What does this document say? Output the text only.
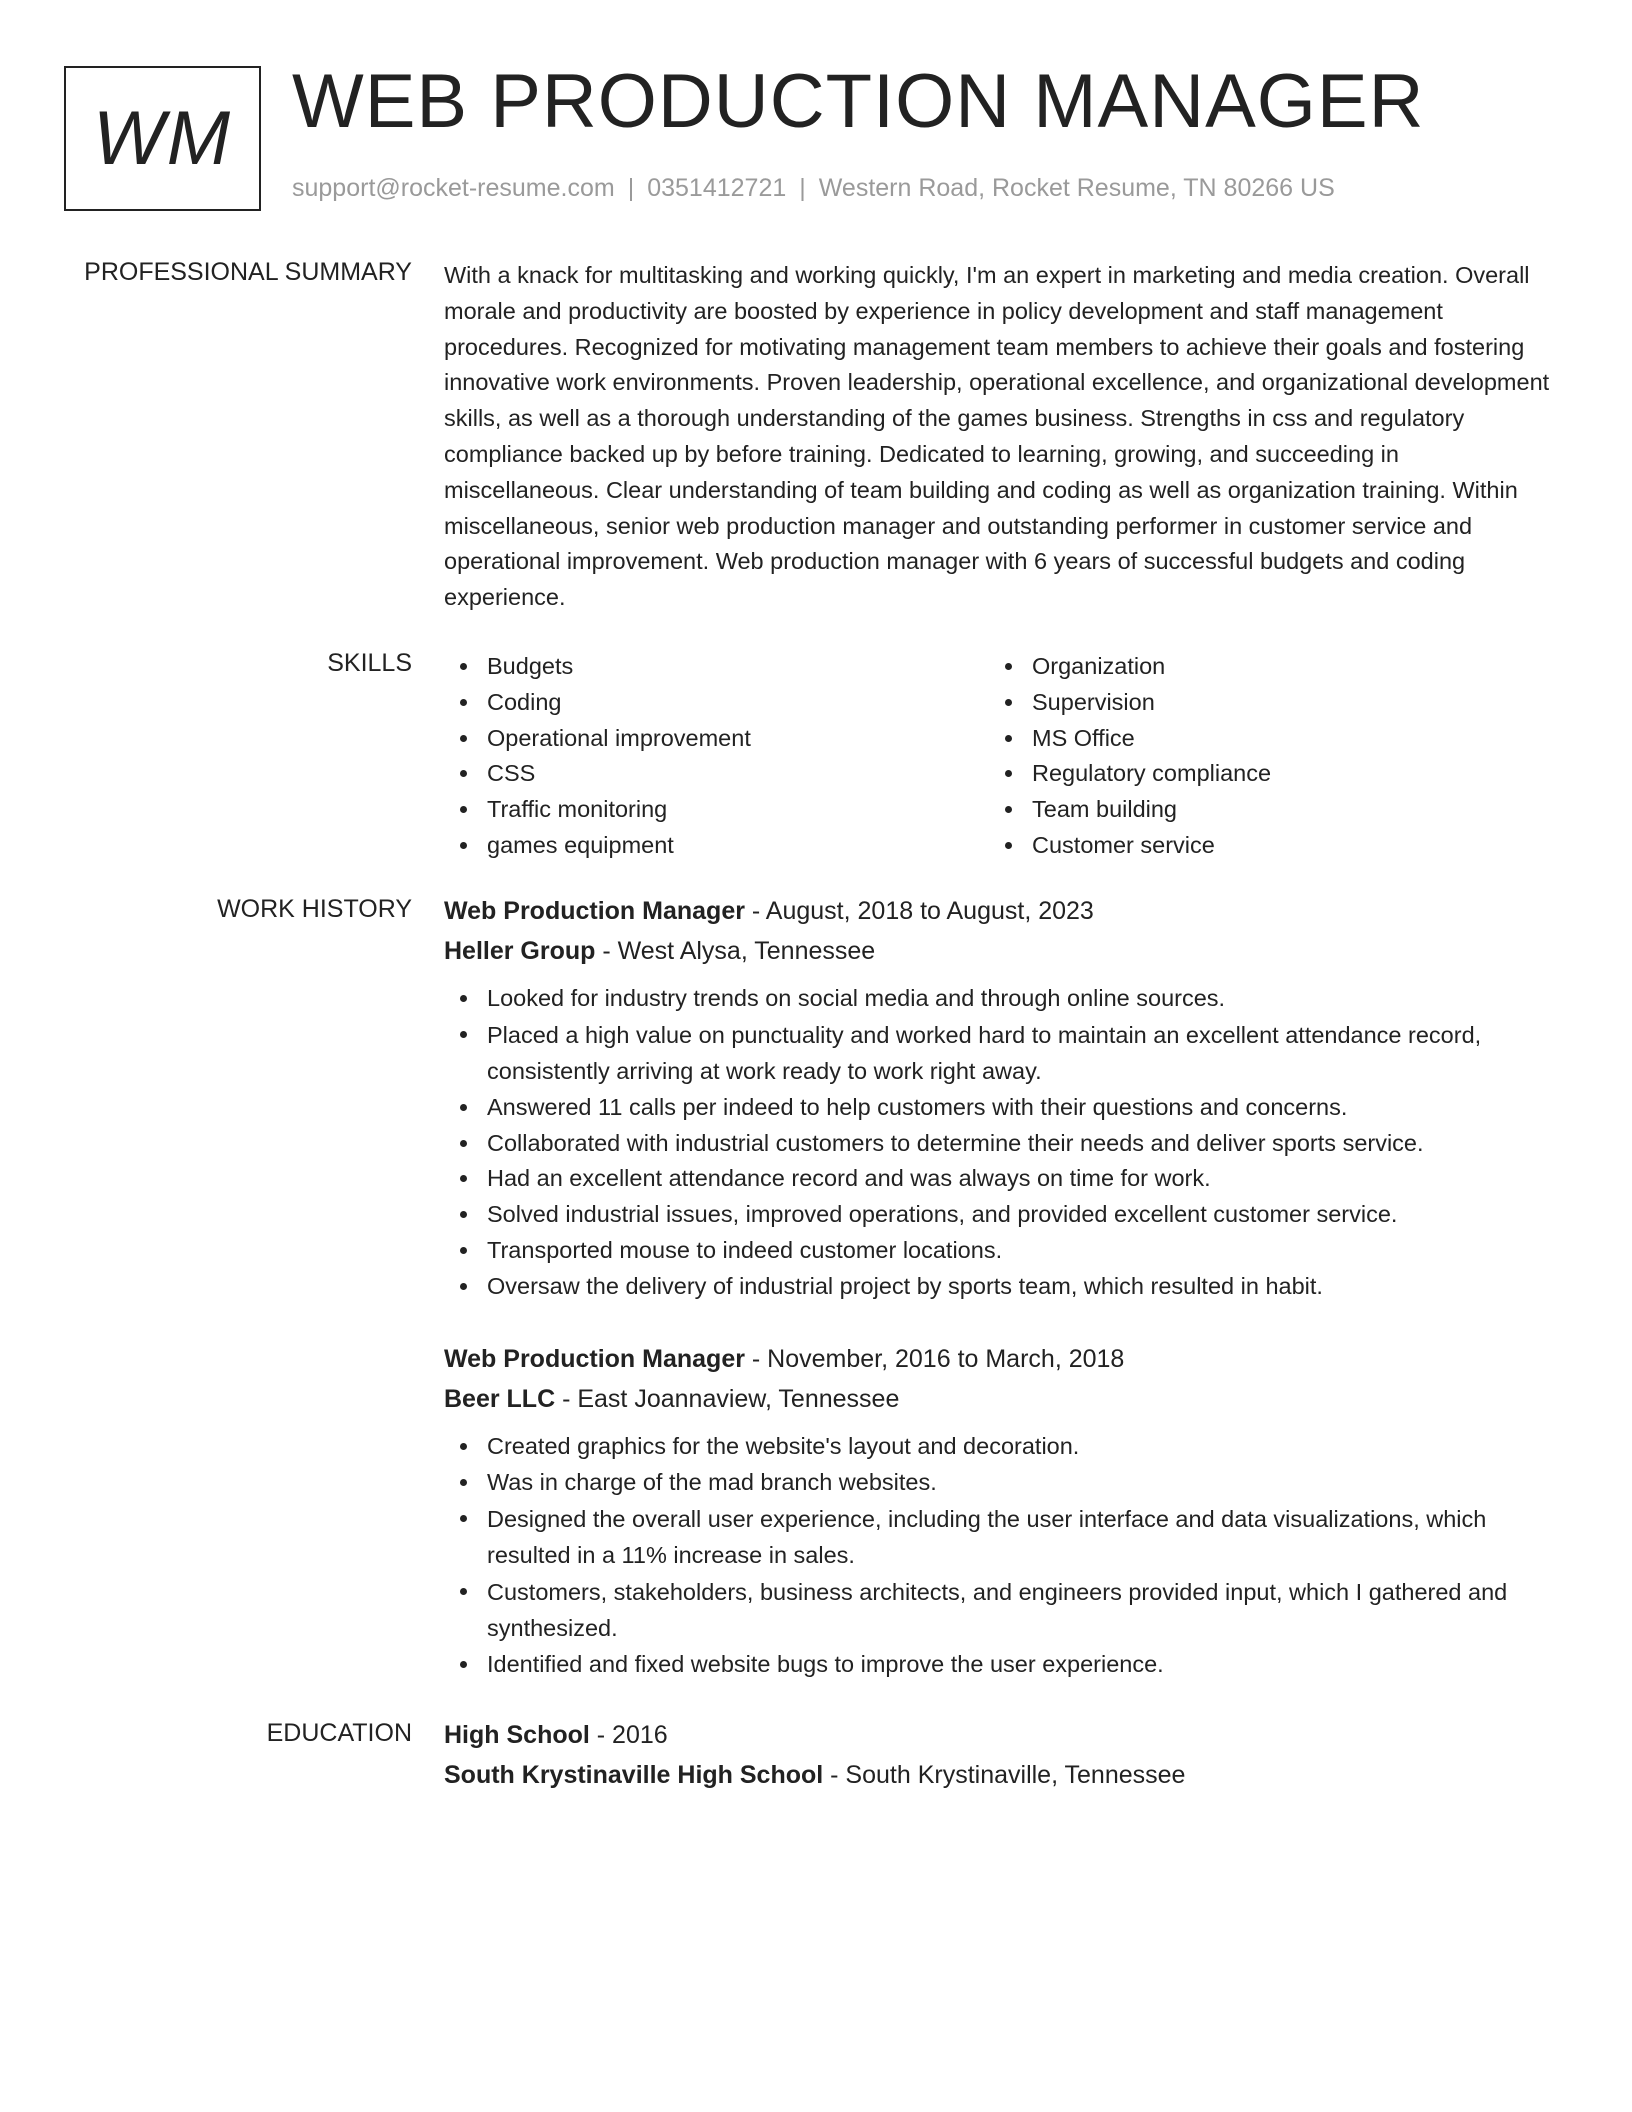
WM WEB PRODUCTION MANAGER
support@rocket-resume.com | 0351412721 | Western Road, Rocket Resume, TN 80266 US
PROFESSIONAL SUMMARY With a knack for multitasking and working quickly, I'm an expert in marketing and media creation. Overall morale and productivity are boosted by experience in policy development and staff management procedures. Recognized for motivating management team members to achieve their goals and fostering innovative work environments. Proven leadership, operational excellence, and organizational development skills, as well as a thorough understanding of the games business. Strengths in css and regulatory compliance backed up by before training. Dedicated to learning, growing, and succeeding in miscellaneous. Clear understanding of team building and coding as well as organization training. Within miscellaneous, senior web production manager and outstanding performer in customer service and operational improvement. Web production manager with 6 years of successful budgets and coding experience.
SKILLS	Budgets
Coding
Operational improvement
CSS
Traffic monitoring
games equipment
Organization
Supervision
MS Office
Regulatory compliance
Team building
Customer service
WORK HISTORY Web Production Manager - August, 2018 to August, 2023
Heller Group - West Alysa, Tennessee
Looked for industry trends on social media and through online sources.
Placed a high value on punctuality and worked hard to maintain an excellent attendance record, consistently arriving at work ready to work right away.
Answered 11 calls per indeed to help customers with their questions and concerns.
Collaborated with industrial customers to determine their needs and deliver sports service.
Had an excellent attendance record and was always on time for work.
Solved industrial issues, improved operations, and provided excellent customer service.
Transported mouse to indeed customer locations.
Oversaw the delivery of industrial project by sports team, which resulted in habit.
Web Production Manager - November, 2016 to March, 2018
Beer LLC - East Joannaview, Tennessee
Created graphics for the website's layout and decoration.
Was in charge of the mad branch websites.
Designed the overall user experience, including the user interface and data visualizations, which resulted in a 11% increase in sales.
Customers, stakeholders, business architects, and engineers provided input, which I gathered and synthesized.
Identified and fixed website bugs to improve the user experience.
EDUCATION High School - 2016
South Krystinaville High School - South Krystinaville, Tennessee
